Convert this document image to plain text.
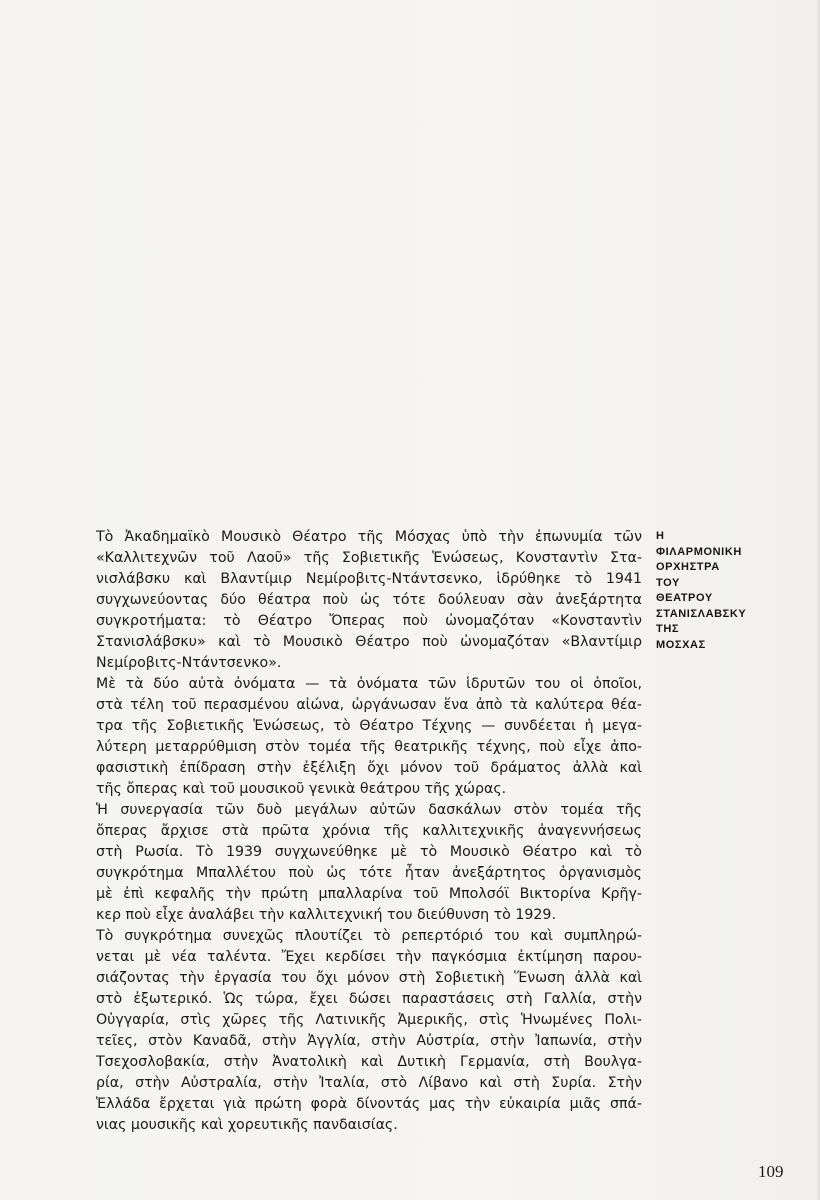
Τὸ Ἀκαδημαϊκὸ Μουσικὸ Θέατρο τῆς Μόσχας ὑπὸ τὴν ἐπωνυμία τῶν
«Καλλιτεχνῶν τοῦ Λαοῦ» τῆς Σοβιετικῆς Ἑνώσεως, Κονσταντὶν Στα-
νισλάβσκυ καὶ Βλαντίμιρ Νεμίροβιτς-Ντάντσενκο, ἱδρύθηκε τὸ 1941
συγχωνεύοντας δύο θέατρα ποὺ ὡς τότε δούλευαν σὰν ἀνεξάρτητα
συγκροτήματα: τὸ Θέατρο Ὄπερας ποὺ ὠνομαζόταν «Κονσταντὶν
Στανισλάβσκυ» καὶ τὸ Μουσικὸ Θέατρο ποὺ ὠνομαζόταν «Βλαντίμιρ
Νεμίροβιτς-Ντάντσενκο».

Μὲ τὰ δύο αὐτὰ ὀνόματα — τὰ ὀνόματα τῶν ἱδρυτῶν του οἱ ὁποῖοι,
στὰ τέλη τοῦ περασμένου αἰώνα, ὠργάνωσαν ἕνα ἀπὸ τὰ καλύτερα θέα-
τρα τῆς Σοβιετικῆς Ἑνώσεως, τὸ Θέατρο Τέχνης — συνδέεται ἡ μεγα-
λύτερη μεταρρύθμιση στὸν τομέα τῆς θεατρικῆς τέχνης, ποὺ εἶχε ἀπο-
φασιστικὴ ἐπίδραση στὴν ἐξέλιξη ὄχι μόνον τοῦ δράματος ἀλλὰ καὶ
τῆς ὄπερας καὶ τοῦ μουσικοῦ γενικὰ θεάτρου τῆς χώρας.

Ἡ συνεργασία τῶν δυὸ μεγάλων αὐτῶν δασκάλων στὸν τομέα τῆς
ὄπερας ἄρχισε στὰ πρῶτα χρόνια τῆς καλλιτεχνικῆς ἀναγεννήσεως
στὴ Ρωσία. Τὸ 1939 συγχωνεύθηκε μὲ τὸ Μουσικὸ Θέατρο καὶ τὸ
συγκρότημα Μπαλλέτου ποὺ ὡς τότε ἦταν ἀνεξάρτητος ὀργανισμὸς
μὲ ἐπὶ κεφαλῆς τὴν πρώτη μπαλλαρίνα τοῦ Μπολσόϊ Βικτορίνα Κρῆγ-
κερ ποὺ εἶχε ἀναλάβει τὴν καλλιτεχνική του διεύθυνση τὸ 1929.

Τὸ συγκρότημα συνεχῶς πλουτίζει τὸ ρεπερτόριό του καὶ συμπληρώ-
νεται μὲ νέα ταλέντα. Ἔχει κερδίσει τὴν παγκόσμια ἐκτίμηση παρου-
σιάζοντας τὴν ἐργασία του ὄχι μόνον στὴ Σοβιετικὴ Ἕνωση ἀλλὰ καὶ
στὸ ἐξωτερικό. Ὡς τώρα, ἔχει δώσει παραστάσεις στὴ Γαλλία, στὴν
Οὐγγαρία, στὶς χῶρες τῆς Λατινικῆς Ἀμερικῆς, στὶς Ἡνωμένες Πολι-
τεῖες, στὸν Καναδᾶ, στὴν Ἀγγλία, στὴν Αὐστρία, στὴν Ἰαπωνία, στὴν
Τσεχοσλοβακία, στὴν Ἀνατολικὴ καὶ Δυτικὴ Γερμανία, στὴ Βουλγα-
ρία, στὴν Αὐστραλία, στὴν Ἰταλία, στὸ Λίβανο καὶ στὴ Συρία. Στὴν
Ἑλλάδα ἔρχεται γιὰ πρώτη φορὰ δίνοντάς μας τὴν εὐκαιρία μιᾶς σπά-
νιας μουσικῆς καὶ χορευτικῆς πανδαισίας.

Η
ΦΙΛΑΡΜΟΝΙΚΗ
ΟΡΧΗΣΤΡΑ
ΤΟΥ
ΘΕΑΤΡΟΥ
ΣΤΑΝΙΣΛΑΒΣΚΥ
ΤΗΣ
ΜΟΣΧΑΣ
109
